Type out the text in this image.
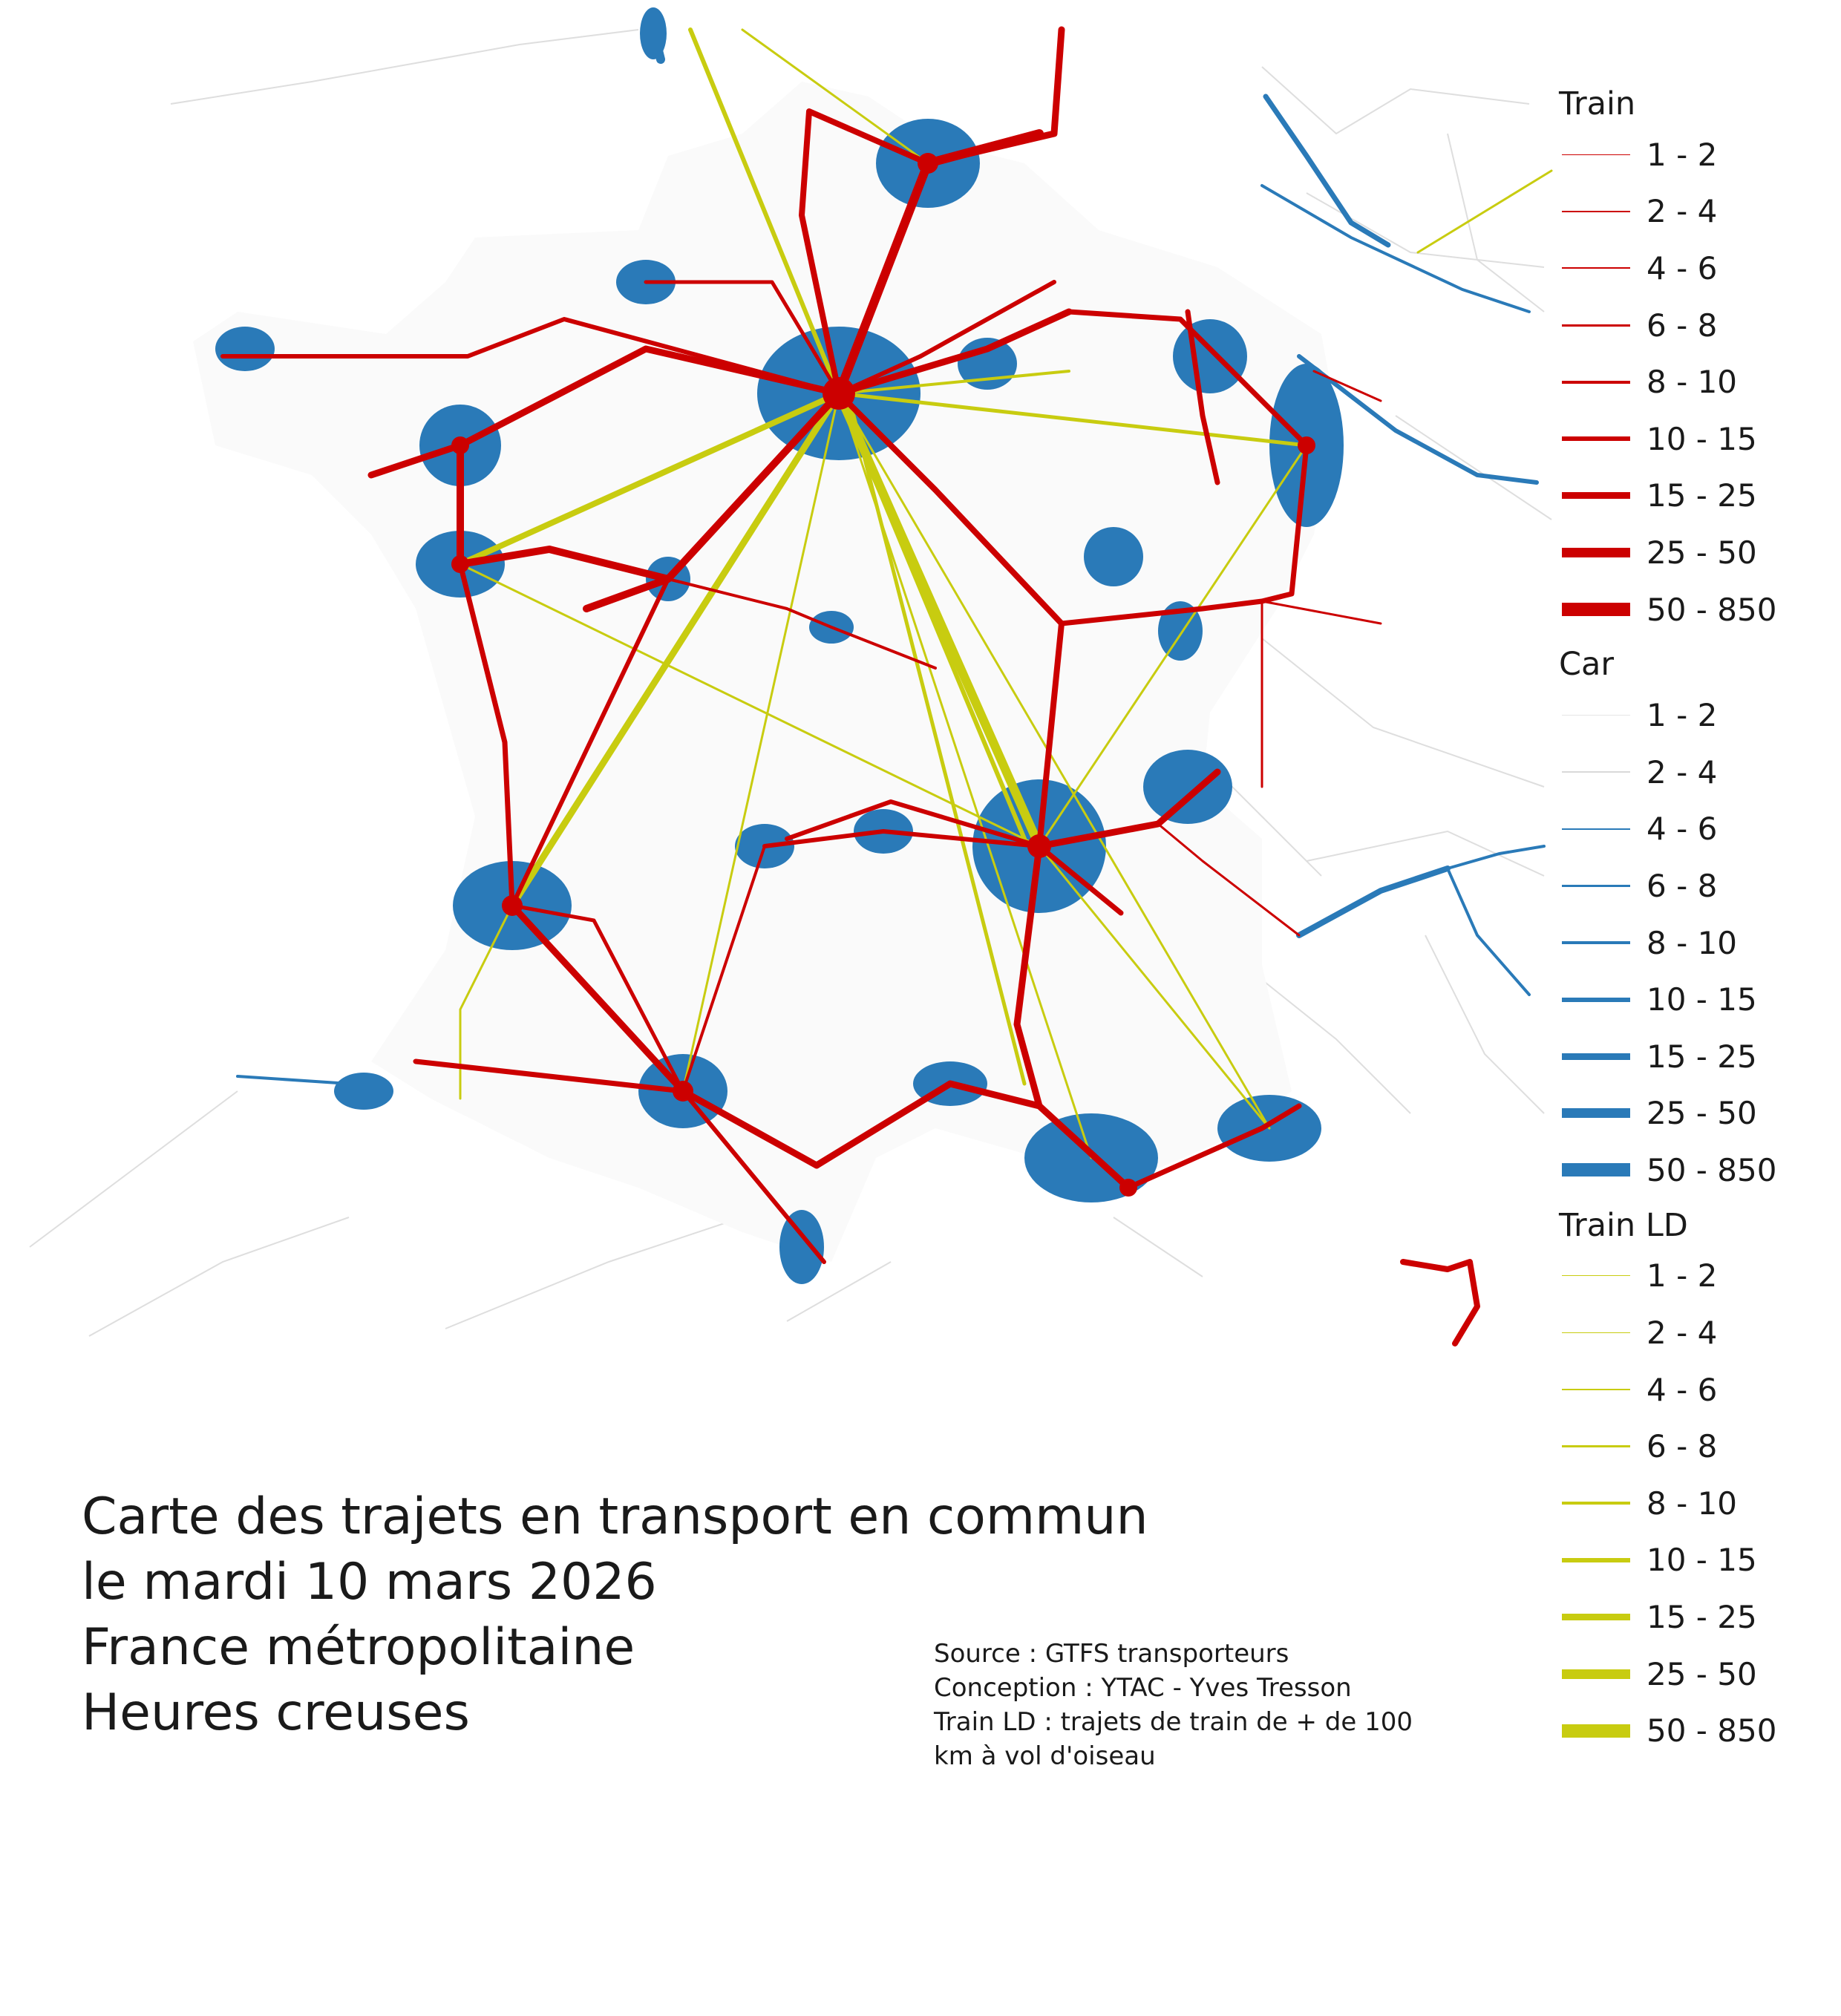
Train
1 - 2
2 - 4
4 - 6
6 - 8
8 - 10
10 - 15
15 - 25
25 - 50
50 - 850
Car
1 - 2
2 - 4
4 - 6
6 - 8
8 - 10
10 - 15
15 - 25
25 - 50
50 - 850
Train LD
1 - 2
2 - 4
4 - 6
6 - 8
8 - 10
10 - 15
15 - 25
25 - 50
50 - 850
Carte des trajets en transport en commun
le mardi 10 mars 2026
France métropolitaine
Heures creuses
Source : GTFS transporteurs
Conception : YTAC - Yves Tresson
Train LD : trajets de train de + de 100
km à vol d'oiseau
